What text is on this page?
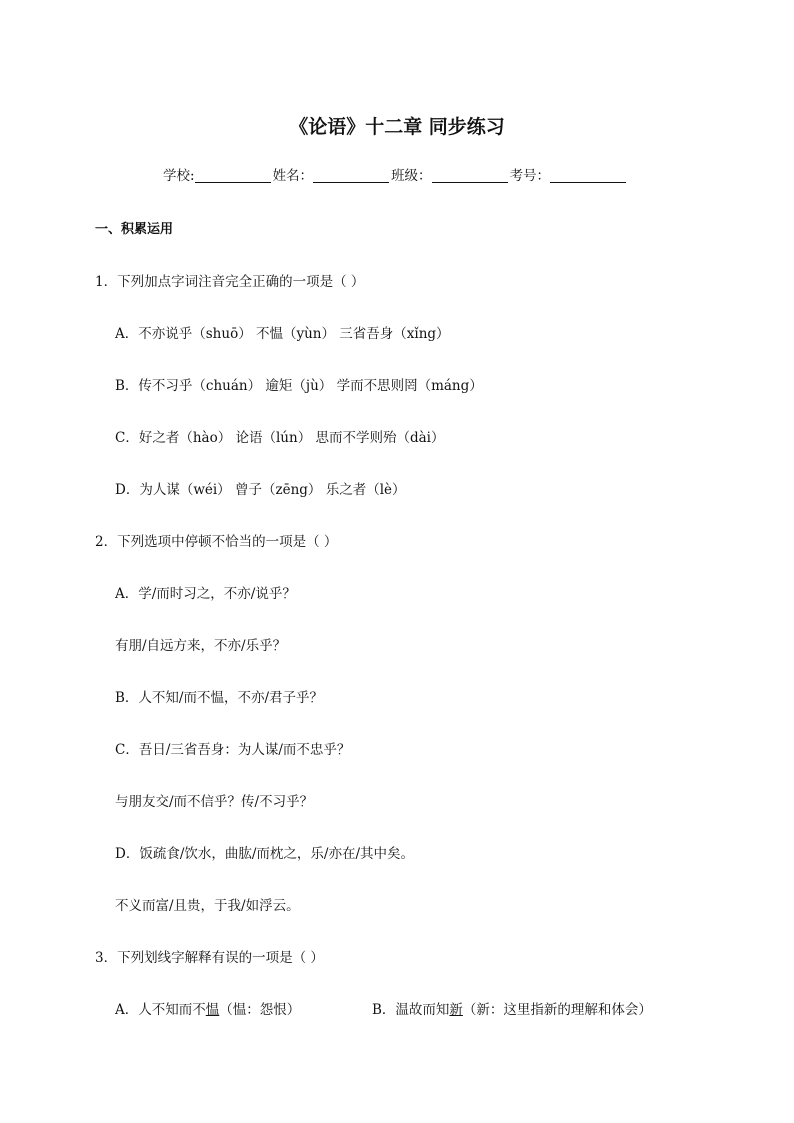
《论语》十二章 同步练习
学校:	姓名：	班级：	考号：
一、积累运用
1．下列加点字词注音完全正确的一项是（ ）
A．不亦说乎（shuō） 不愠（yùn） 三省吾身（xǐng）
B．传不习乎（chuán） 逾矩（jù） 学而不思则罔（máng）
C．好之者（hào） 论语（lún） 思而不学则殆（dài）
D．为人谋（wéi） 曾子（zēng） 乐之者（lè）
2．下列选项中停顿不恰当的一项是（ ）
A．学/而时习之，不亦/说乎？
有朋/自远方来，不亦/乐乎？
B．人不知/而不愠，不亦/君子乎？
C．吾日/三省吾身：为人谋/而不忠乎？
与朋友交/而不信乎？传/不习乎？
D．饭疏食/饮水，曲肱/而枕之，乐/亦在/其中矣。
不义而富/且贵，于我/如浮云。
3．下列划线字解释有误的一项是（ ）
A．人不知而不愠（愠：怨恨）	B．温故而知新（新：这里指新的理解和体会）
